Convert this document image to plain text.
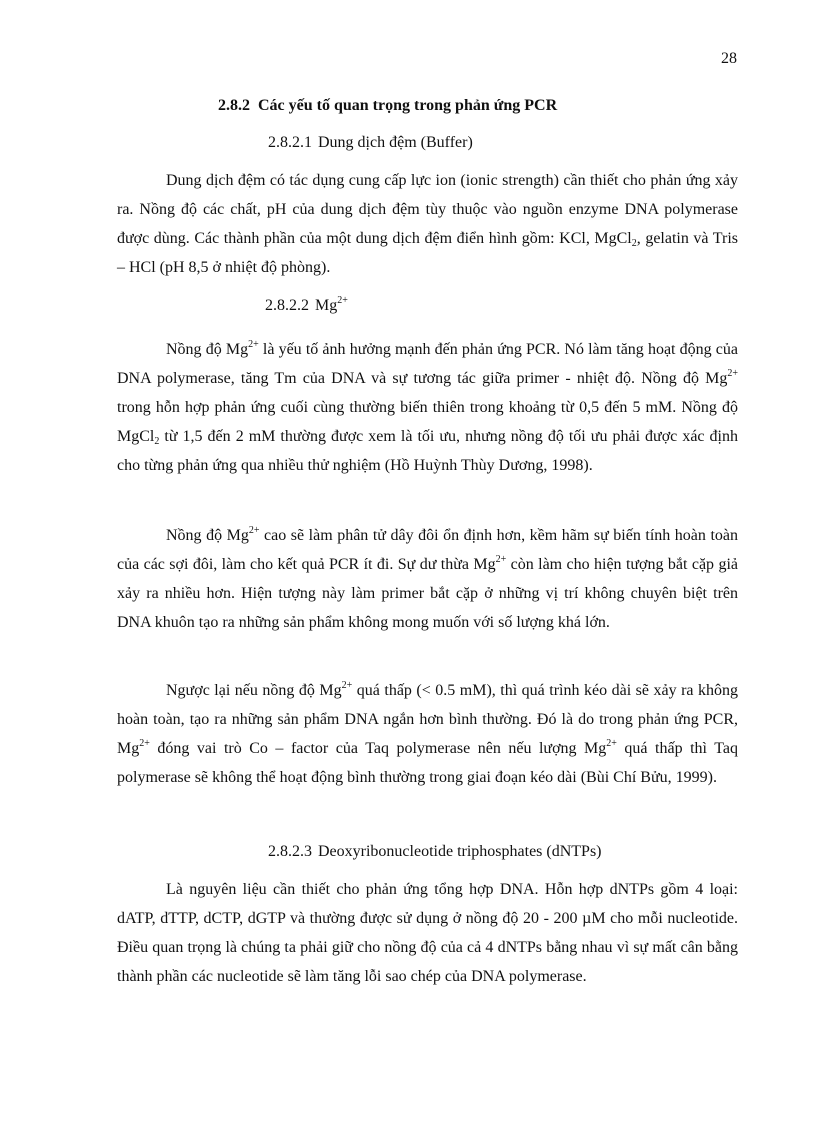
28
2.8.2 Các yếu tố quan trọng trong phản ứng PCR
2.8.2.1 Dung dịch đệm (Buffer)

Dung dịch đệm có tác dụng cung cấp lực ion (ionic strength) cần thiết cho phản ứng xảy ra. Nồng độ các chất, pH của dung dịch đệm tùy thuộc vào nguồn enzyme DNA polymerase được dùng. Các thành phần của một dung dịch đệm điển hình gồm: KCl, MgCl$_2$, gelatin và Tris – HCl (pH 8,5 ở nhiệt độ phòng).

2.8.2.2 $Mg^{2+}$

Nồng độ $Mg^{2+}$ là yếu tố ảnh hưởng mạnh đến phản ứng PCR. Nó làm tăng hoạt động của DNA polymerase, tăng Tm của DNA và sự tương tác giữa primer - nhiệt độ. Nồng độ $Mg^{2+}$ trong hỗn hợp phản ứng cuối cùng thường biến thiên trong khoảng từ 0,5 đến 5 mM. Nồng độ MgCl$_2$ từ 1,5 đến 2 mM thường được xem là tối ưu, nhưng nồng độ tối ưu phải được xác định cho từng phản ứng qua nhiều thử nghiệm (Hồ Huỳnh Thùy Dương, 1998).

Nồng độ $Mg^{2+}$ cao sẽ làm phân tử dây đôi ổn định hơn, kềm hãm sự biến tính hoàn toàn của các sợi đôi, làm cho kết quả PCR ít đi. Sự dư thừa $Mg^{2+}$ còn làm cho hiện tượng bắt cặp giả xảy ra nhiều hơn. Hiện tượng này làm primer bắt cặp ở những vị trí không chuyên biệt trên DNA khuôn tạo ra những sản phẩm không mong muốn với số lượng khá lớn.

Ngược lại nếu nồng độ $Mg^{2+}$ quá thấp (< 0.5 mM), thì quá trình kéo dài sẽ xảy ra không hoàn toàn, tạo ra những sản phẩm DNA ngắn hơn bình thường. Đó là do trong phản ứng PCR, $Mg^{2+}$ đóng vai trò Co – factor của Taq polymerase nên nếu lượng $Mg^{2+}$ quá thấp thì Taq polymerase sẽ không thể hoạt động bình thường trong giai đoạn kéo dài (Bùi Chí Bửu, 1999).

2.8.2.3 Deoxyribonucleotide triphosphates (dNTPs)

Là nguyên liệu cần thiết cho phản ứng tổng hợp DNA. Hỗn hợp dNTPs gồm 4 loại: dATP, dTTP, dCTP, dGTP và thường được sử dụng ở nồng độ 20 - 200 µM cho mỗi nucleotide. Điều quan trọng là chúng ta phải giữ cho nồng độ của cả 4 dNTPs bằng nhau vì sự mất cân bằng thành phần các nucleotide sẽ làm tăng lỗi sao chép của DNA polymerase.
